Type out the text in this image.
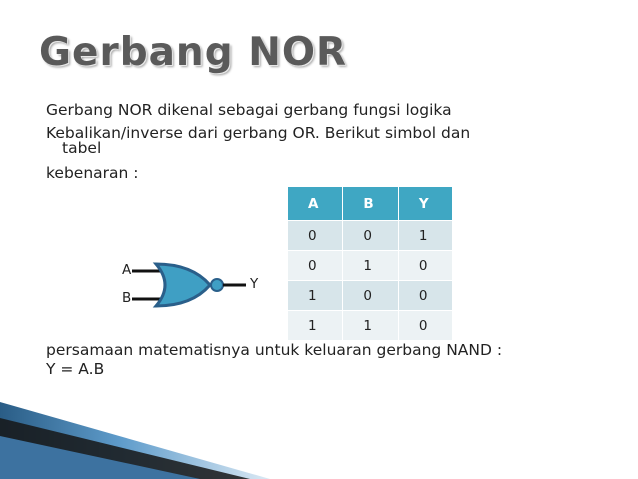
Gerbang NOR
Gerbang NOR dikenal sebagai gerbang fungsi logika
Kebalikan/inverse dari gerbang OR. Berikut simbol dan
tabel
kebenaran :
A
B
Y
A	B	Y
0	0	1
0	1	0
1	0	0
1	1	0
persamaan matematisnya untuk keluaran gerbang NAND :
Y = A.B
